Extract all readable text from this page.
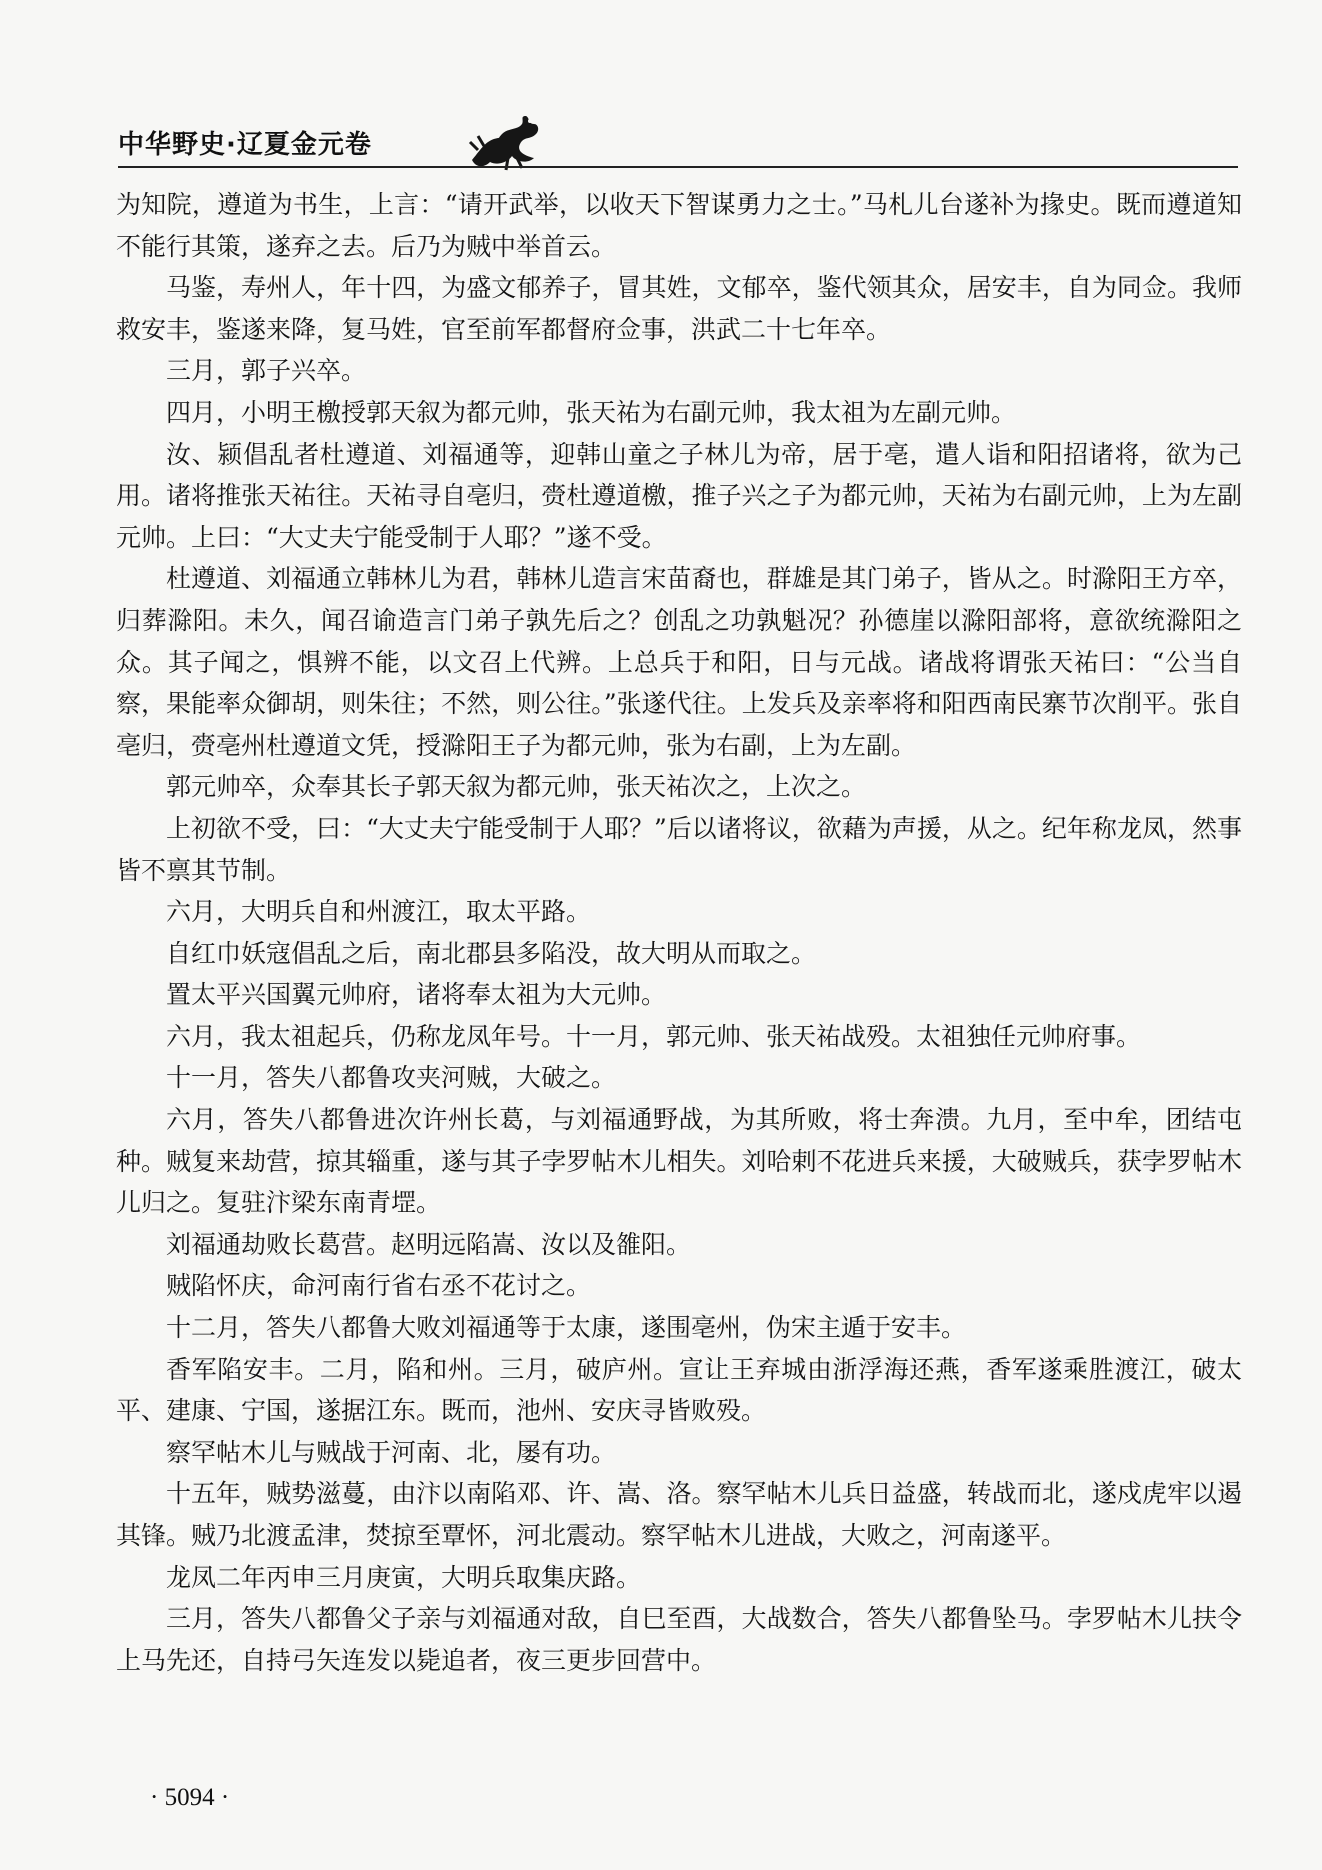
中华野史·辽夏金元卷

为知院，遵道为书生，上言：“请开武举，以收天下智谋勇力之士。”马札儿台遂补为掾史。既而遵道知不能行其策，遂弃之去。后乃为贼中举首云。

马鉴，寿州人，年十四，为盛文郁养子，冒其姓，文郁卒，鉴代领其众，居安丰，自为同佥。我师救安丰，鉴遂来降，复马姓，官至前军都督府佥事，洪武二十七年卒。

三月，郭子兴卒。

四月，小明王檄授郭天叙为都元帅，张天祐为右副元帅，我太祖为左副元帅。

汝、颍倡乱者杜遵道、刘福通等，迎韩山童之子林儿为帝，居于亳，遣人诣和阳招诸将，欲为己用。诸将推张天祐往。天祐寻自亳归，赍杜遵道檄，推子兴之子为都元帅，天祐为右副元帅，上为左副元帅。上曰：“大丈夫宁能受制于人耶？”遂不受。

杜遵道、刘福通立韩林儿为君，韩林儿造言宋苗裔也，群雄是其门弟子，皆从之。时滁阳王方卒，归葬滁阳。未久，闻召谕造言门弟子孰先后之？创乱之功孰魁况？孙德崖以滁阳部将，意欲统滁阳之众。其子闻之，惧辨不能，以文召上代辨。上总兵于和阳，日与元战。诸战将谓张天祐曰：“公当自察，果能率众御胡，则朱往；不然，则公往。”张遂代往。上发兵及亲率将和阳西南民寨节次削平。张自亳归，赍亳州杜遵道文凭，授滁阳王子为都元帅，张为右副，上为左副。

郭元帅卒，众奉其长子郭天叙为都元帅，张天祐次之，上次之。

上初欲不受，曰：“大丈夫宁能受制于人耶？”后以诸将议，欲藉为声援，从之。纪年称龙凤，然事皆不禀其节制。

六月，大明兵自和州渡江，取太平路。

自红巾妖寇倡乱之后，南北郡县多陷没，故大明从而取之。

置太平兴国翼元帅府，诸将奉太祖为大元帅。

六月，我太祖起兵，仍称龙凤年号。十一月，郭元帅、张天祐战殁。太祖独任元帅府事。

十一月，答失八都鲁攻夹河贼，大破之。

六月，答失八都鲁进次许州长葛，与刘福通野战，为其所败，将士奔溃。九月，至中牟，团结屯种。贼复来劫营，掠其辎重，遂与其子孛罗帖木儿相失。刘哈剌不花进兵来援，大破贼兵，获孛罗帖木儿归之。复驻汴梁东南青堽。

刘福通劫败长葛营。赵明远陷嵩、汝以及雒阳。

贼陷怀庆，命河南行省右丞不花讨之。

十二月，答失八都鲁大败刘福通等于太康，遂围亳州，伪宋主遁于安丰。

香军陷安丰。二月，陷和州。三月，破庐州。宣让王弃城由浙浮海还燕，香军遂乘胜渡江，破太平、建康、宁国，遂据江东。既而，池州、安庆寻皆败殁。

察罕帖木儿与贼战于河南、北，屡有功。

十五年，贼势滋蔓，由汴以南陷邓、许、嵩、洛。察罕帖木儿兵日益盛，转战而北，遂戍虎牢以遏其锋。贼乃北渡孟津，焚掠至覃怀，河北震动。察罕帖木儿进战，大败之，河南遂平。

龙凤二年丙申三月庚寅，大明兵取集庆路。

三月，答失八都鲁父子亲与刘福通对敌，自巳至酉，大战数合，答失八都鲁坠马。孛罗帖木儿扶令上马先还，自持弓矢连发以毙追者，夜三更步回营中。

· 5094 ·
